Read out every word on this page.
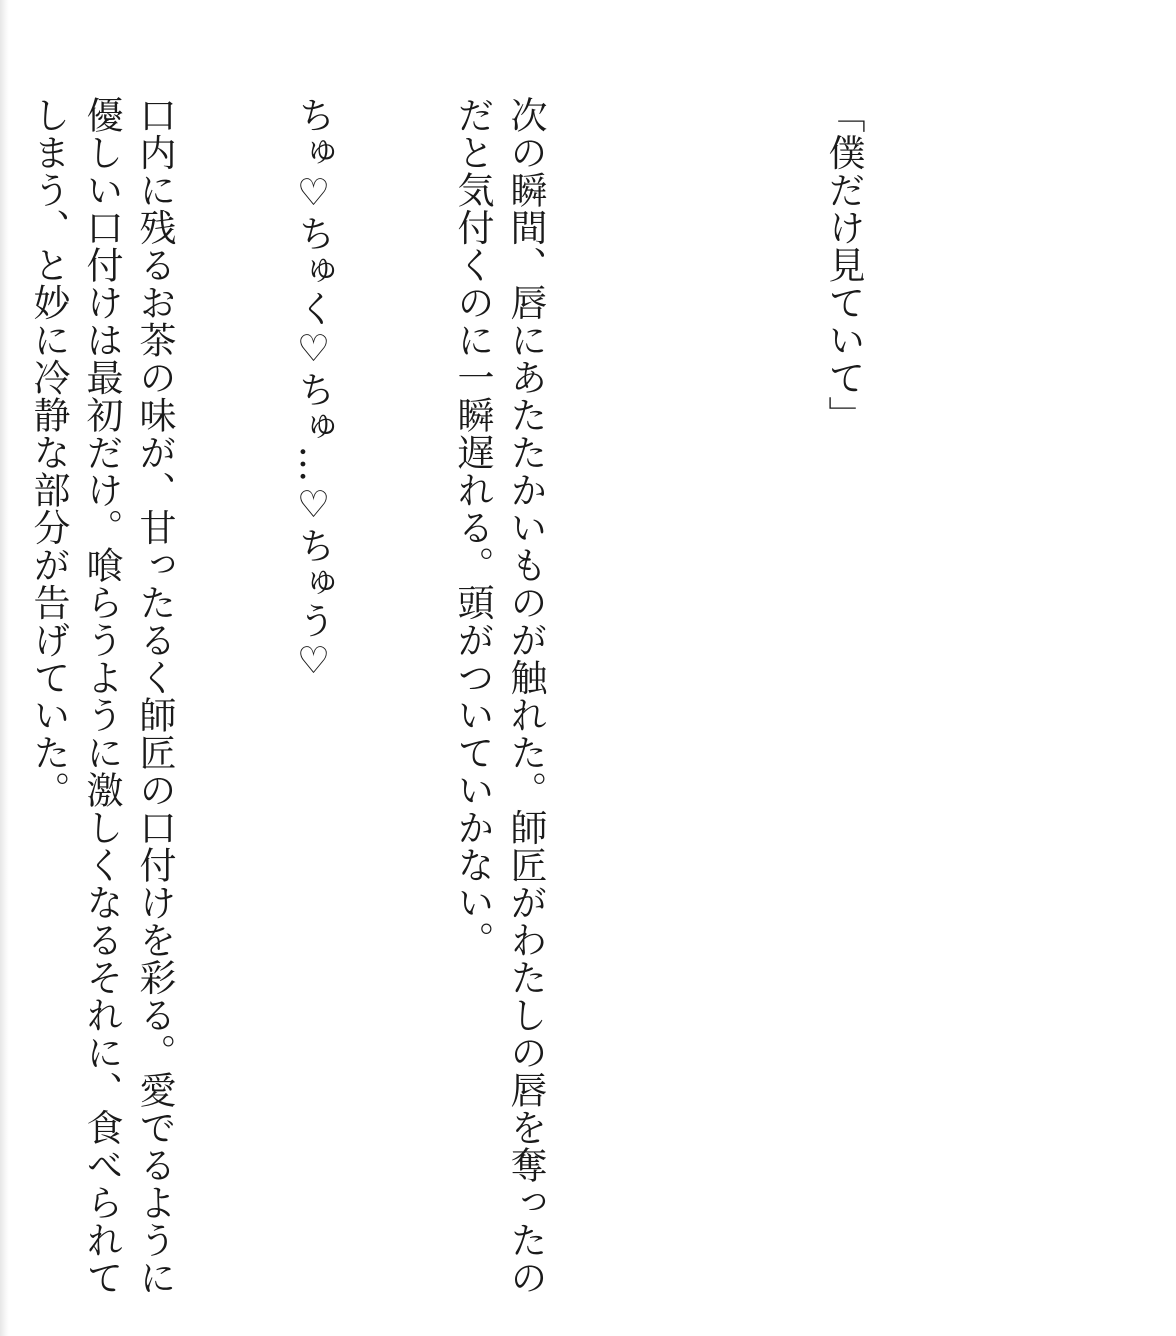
「僕だけ見ていて」

次の瞬間、唇にあたたかいものが触れた。師匠がわたしの唇を奪ったのだと気付くのに一瞬遅れる。頭がついていかない。

ちゅ♡ちゅく♡ちゅ…♡ちゅう♡

口内に残るお茶の味が、甘ったるく師匠の口付けを彩る。愛でるように優しい口付けは最初だけ。喰らうように激しくなるそれに、食べられてしまう、と妙に冷静な部分が告げていた。
